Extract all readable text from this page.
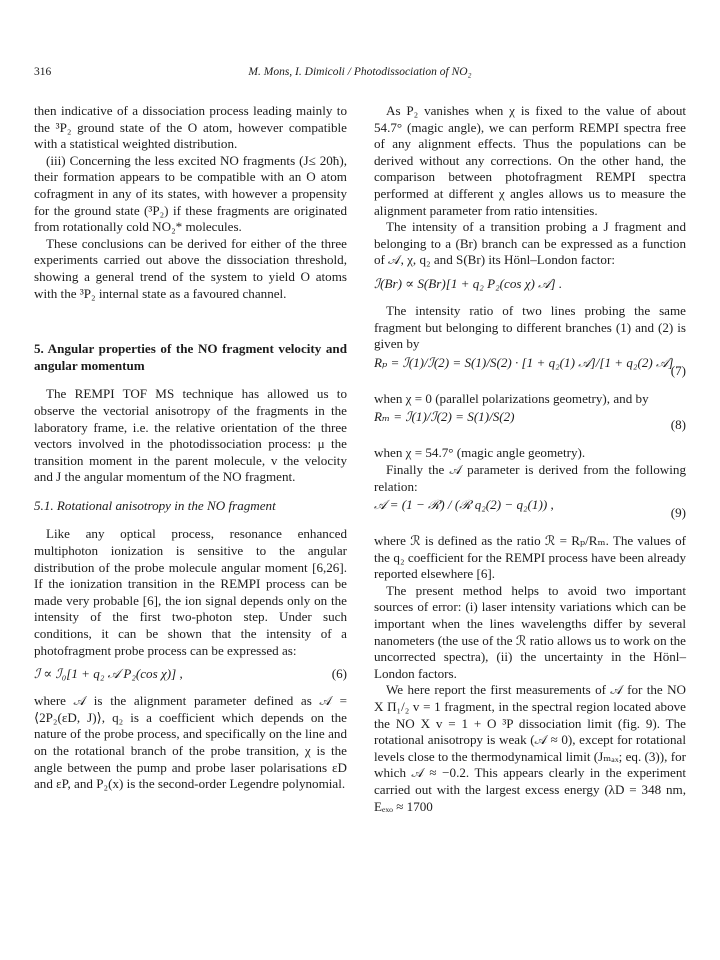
316	M. Mons, I. Dimicoli / Photodissociation of NO₂

then indicative of a dissociation process leading mainly to the ³P₂ ground state of the O atom, however compatible with a statistical weighted distribution.

(iii) Concerning the less excited NO fragments (J≤ 20ħ), their formation appears to be compatible with an O atom cofragment in any of its states, with however a propensity for the ground state (³P₂) if these fragments are originated from rotationally cold NO₂* molecules.

These conclusions can be derived for either of the three experiments carried out above the dissociation threshold, showing a general trend of the system to yield O atoms with the ³P₂ internal state as a favoured channel.

5. Angular properties of the NO fragment velocity and angular momentum

The REMPI TOF MS technique has allowed us to observe the vectorial anisotropy of the fragments in the laboratory frame, i.e. the relative orientation of the three vectors involved in the photodissociation process: μ the transition moment in the parent molecule, v the velocity and J the angular momentum of the NO fragment.

5.1. Rotational anisotropy in the NO fragment

Like any optical process, resonance enhanced multiphoton ionization is sensitive to the angular distribution of the probe molecule angular moment [6,26]. If the ionization transition in the REMPI process can be made very probable [6], the ion signal depends only on the intensity of the first two-photon step. Under such conditions, it can be shown that the intensity of a photofragment probe process can be expressed as:

ℐ ∝ ℐ₀[1 + q₂ 𝒜 P₂(cos χ)] ,	(6)

where 𝒜 is the alignment parameter defined as 𝒜 = ⟨2P₂(εD, J)⟩, q₂ is a coefficient which depends on the nature of the probe process, and specifically on the line and on the rotational branch of the probe transition, χ is the angle between the pump and probe laser polarisations εD and εP, and P₂(x) is the second-order Legendre polynomial.

As P₂ vanishes when χ is fixed to the value of about 54.7° (magic angle), we can perform REMPI spectra free of any alignment effects. Thus the populations can be derived without any corrections. On the other hand, the comparison between photofragment REMPI spectra performed at different χ angles allows us to measure the alignment parameter from ratio intensities.

The intensity of a transition probing a J fragment and belonging to a (Br) branch can be expressed as a function of 𝒜, χ, q₂ and S(Br) its Hönl–London factor:

ℐ(Br) ∝ S(Br)[1 + q₂ P₂(cos χ) 𝒜] .

The intensity ratio of two lines probing the same fragment but belonging to different branches (1) and (2) is given by

Rₚ = ℐ(1)/ℐ(2) = S(1)/S(2) · [1 + q₂(1) 𝒜]/[1 + q₂(2) 𝒜]
(7)

when χ = 0 (parallel polarizations geometry), and by

Rₘ = ℐ(1)/ℐ(2) = S(1)/S(2)
(8)

when χ = 54.7° (magic angle geometry).

Finally the 𝒜 parameter is derived from the following relation:

𝒜 = (1 − ℛ) / (ℛ q₂(2) − q₂(1)) ,
(9)

where ℛ is defined as the ratio ℛ = Rₚ/Rₘ. The values of the q₂ coefficient for the REMPI process have been already reported elsewhere [6].

The present method helps to avoid two important sources of error: (i) laser intensity variations which can be important when the lines wavelengths differ by several nanometers (the use of the ℛ ratio allows us to work on the uncorrected spectra), (ii) the uncertainty in the Hönl–London factors.

We here report the first measurements of 𝒜 for the NO X Π₁/₂ v = 1 fragment, in the spectral region located above the NO X v = 1 + O ³P dissociation limit (fig. 9). The rotational anisotropy is weak (𝒜 ≈ 0), except for rotational levels close to the thermodynamical limit (Jₘₐₓ; eq. (3)), for which 𝒜 ≈ −0.2. This appears clearly in the experiment carried out with the largest excess energy (λD = 348 nm, Eₑₓₒ ≈ 1700
